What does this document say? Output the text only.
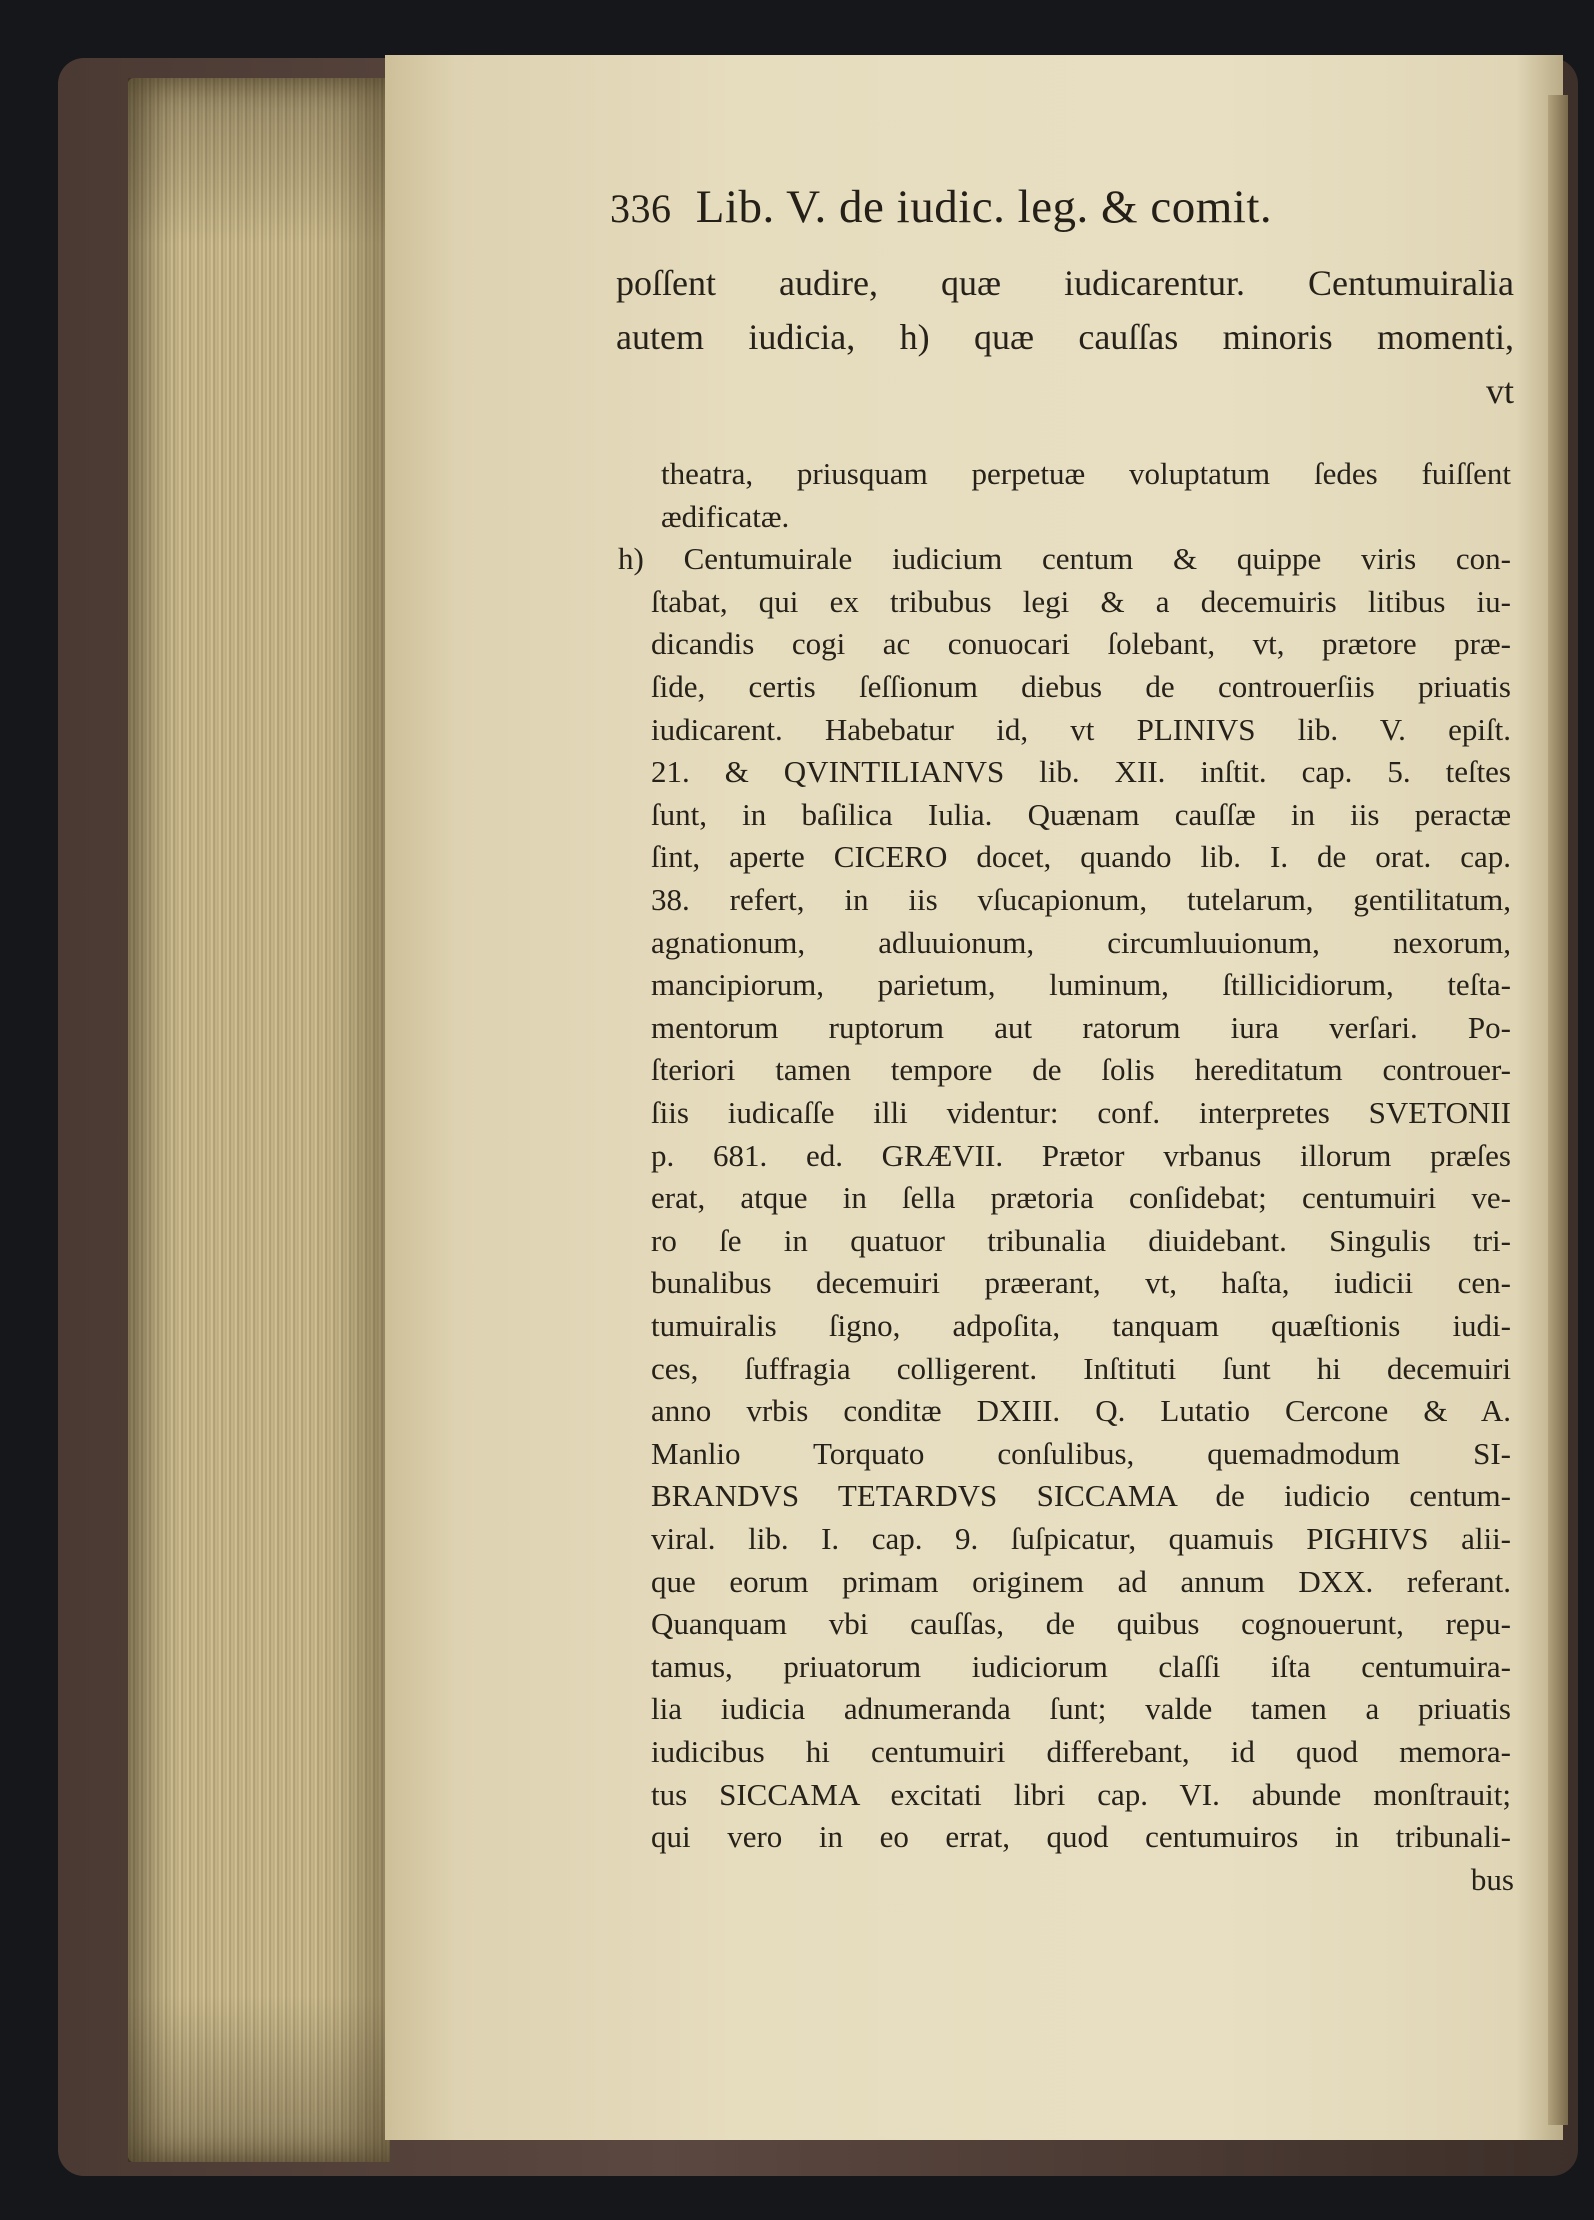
336 Lib. V. de iudic. leg. & comit.
poſſent audire, quæ iudicarentur. Centumuiralia
autem iudicia, h) quæ cauſſas minoris momenti,
vt
theatra, priusquam perpetuæ voluptatum ſedes fuiſſent
ædificatæ.
h) Centumuirale iudicium centum & quippe viris con-
ſtabat, qui ex tribubus legi & a decemuiris litibus iu-
dicandis cogi ac conuocari ſolebant, vt, prætore præ-
ſide, certis ſeſſionum diebus de controuerſiis priuatis
iudicarent. Habebatur id, vt PLINIVS lib. V. epiſt.
21. & QVINTILIANVS lib. XII. inſtit. cap. 5. teſtes
ſunt, in baſilica Iulia. Quænam cauſſæ in iis peractæ
ſint, aperte CICERO docet, quando lib. I. de orat. cap.
38. refert, in iis vſucapionum, tutelarum, gentilitatum,
agnationum, adluuionum, circumluuionum, nexorum,
mancipiorum, parietum, luminum, ſtillicidiorum, teſta-
mentorum ruptorum aut ratorum iura verſari. Po-
ſteriori tamen tempore de ſolis hereditatum controuer-
ſiis iudicaſſe illi videntur: conf. interpretes SVETONII
p. 681. ed. GRÆVII. Prætor vrbanus illorum præſes
erat, atque in ſella prætoria conſidebat; centumuiri ve-
ro ſe in quatuor tribunalia diuidebant. Singulis tri-
bunalibus decemuiri præerant, vt, haſta, iudicii cen-
tumuiralis ſigno, adpoſita, tanquam quæſtionis iudi-
ces, ſuffragia colligerent. Inſtituti ſunt hi decemuiri
anno vrbis conditæ DXIII. Q. Lutatio Cercone & A.
Manlio Torquato conſulibus, quemadmodum SI-
BRANDVS TETARDVS SICCAMA de iudicio centum-
viral. lib. I. cap. 9. ſuſpicatur, quamuis PIGHIVS alii-
que eorum primam originem ad annum DXX. referant.
Quanquam vbi cauſſas, de quibus cognouerunt, repu-
tamus, priuatorum iudiciorum claſſi iſta centumuira-
lia iudicia adnumeranda ſunt; valde tamen a priuatis
iudicibus hi centumuiri differebant, id quod memora-
tus SICCAMA excitati libri cap. VI. abunde monſtrauit;
qui vero in eo errat, quod centumuiros in tribunali-
bus
